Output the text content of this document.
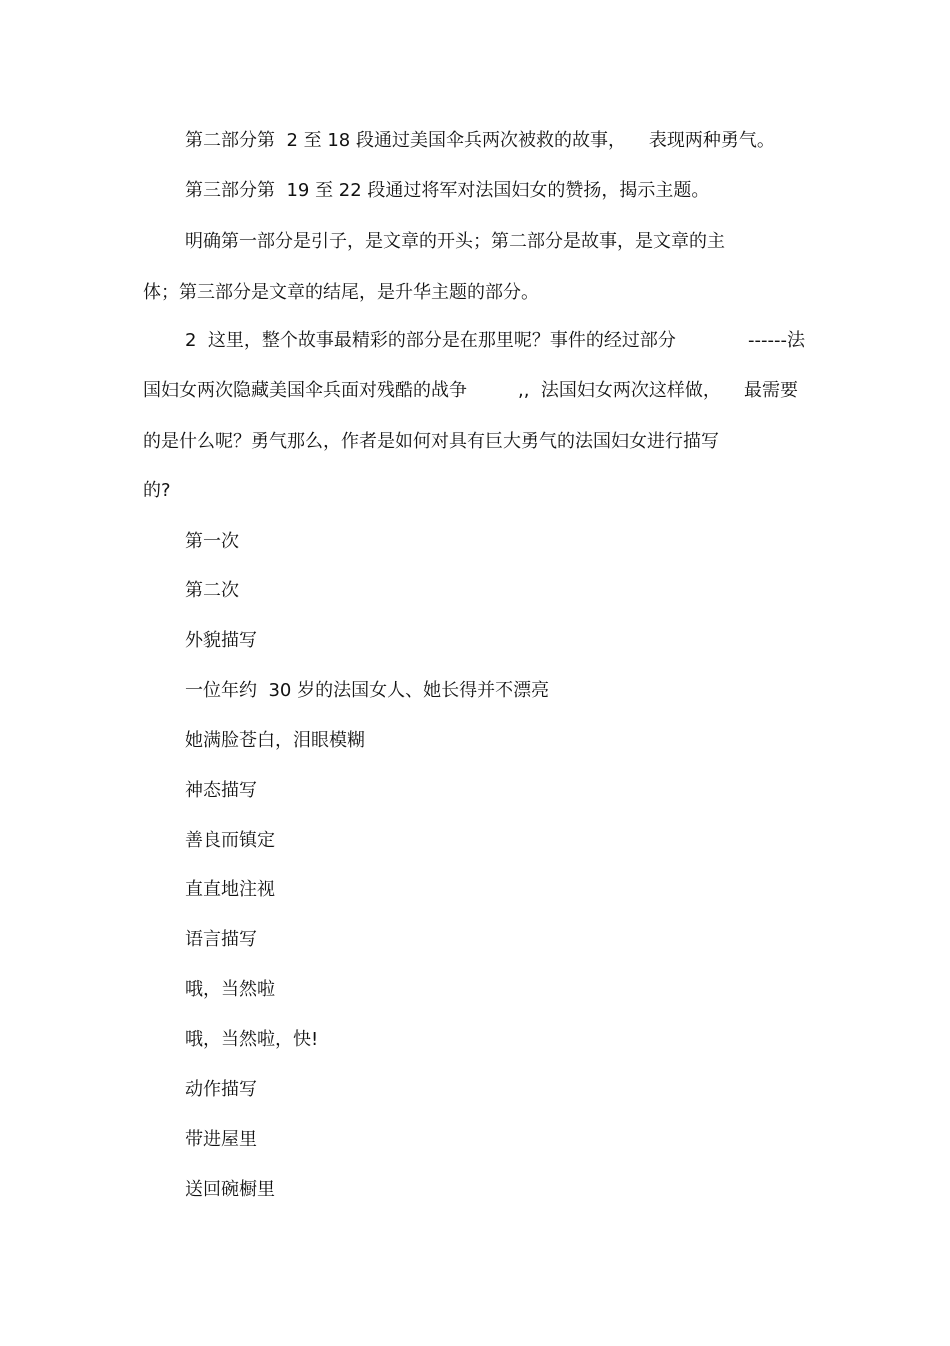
第二部分第  2 至 18 段通过美国伞兵两次被救的故事，    表现两种勇气。
第三部分第  19 至 22 段通过将军对法国妇女的赞扬，揭示主题。
明确第一部分是引子，是文章的开头；第二部分是故事，是文章的主
体；第三部分是文章的结尾，是升华主题的部分。
2  这里，整个故事最精彩的部分是在那里呢？事件的经过部分	------法
国妇女两次隐藏美国伞兵面对残酷的战争	,,  法国妇女两次这样做， 最需要
的是什么呢？勇气那么，作者是如何对具有巨大勇气的法国妇女进行描写
的?
第一次
第二次
外貌描写
一位年约  30 岁的法国女人、她长得并不漂亮
她满脸苍白，泪眼模糊
神态描写
善良而镇定
直直地注视
语言描写
哦，当然啦
哦，当然啦，快!
动作描写
带进屋里
送回碗橱里
